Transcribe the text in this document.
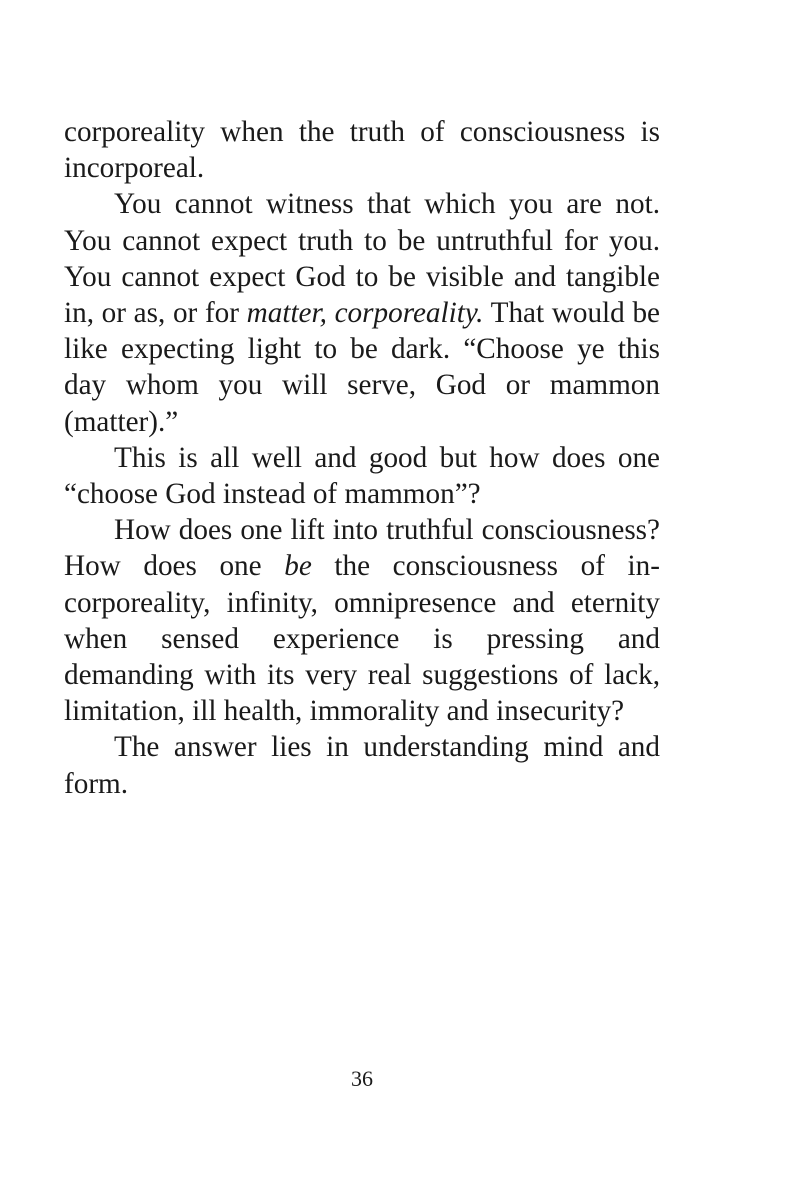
corporeality when the truth of consciousness is incorporeal.

You cannot witness that which you are not. You cannot expect truth to be untruthful for you. You cannot expect God to be visible and tangible in, or as, or for matter, corporeality. That would be like expecting light to be dark. “Choose ye this day whom you will serve, God or mammon (matter).”

This is all well and good but how does one “choose God instead of mammon”?

How does one lift into truthful consciousness? How does one be the consciousness of incorporeality, infinity, omnipresence and eternity when sensed experience is pressing and demanding with its very real suggestions of lack, limitation, ill health, immorality and insecurity?

The answer lies in understanding mind and form.

36
